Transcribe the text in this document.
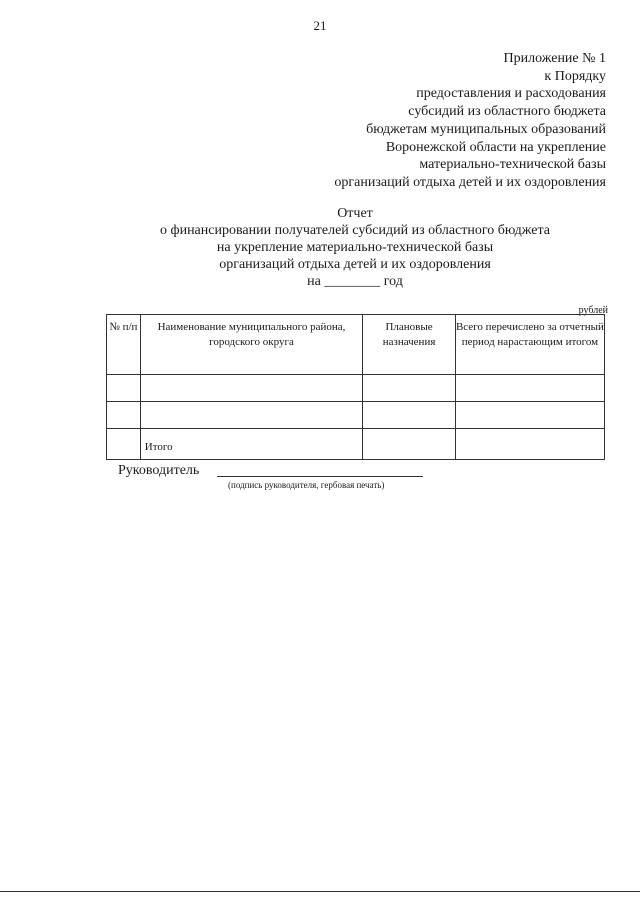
21
Приложение № 1
к Порядку
предоставления и расходования
субсидий из областного бюджета
бюджетам муниципальных образований
Воронежской области на укрепление
материально-технической базы
организаций отдыха детей и их оздоровления
Отчет
о финансировании получателей субсидий из областного бюджета
на укрепление материально-технической базы
организаций отдыха детей и их оздоровления
на ________ год
рублей
№ п/п	Наименование муниципального района, городского округа	Плановые назначения	Всего перечислено за отчетный период нарастающим итогом

	Итого		
Руководитель
(подпись руководителя, гербовая печать)
